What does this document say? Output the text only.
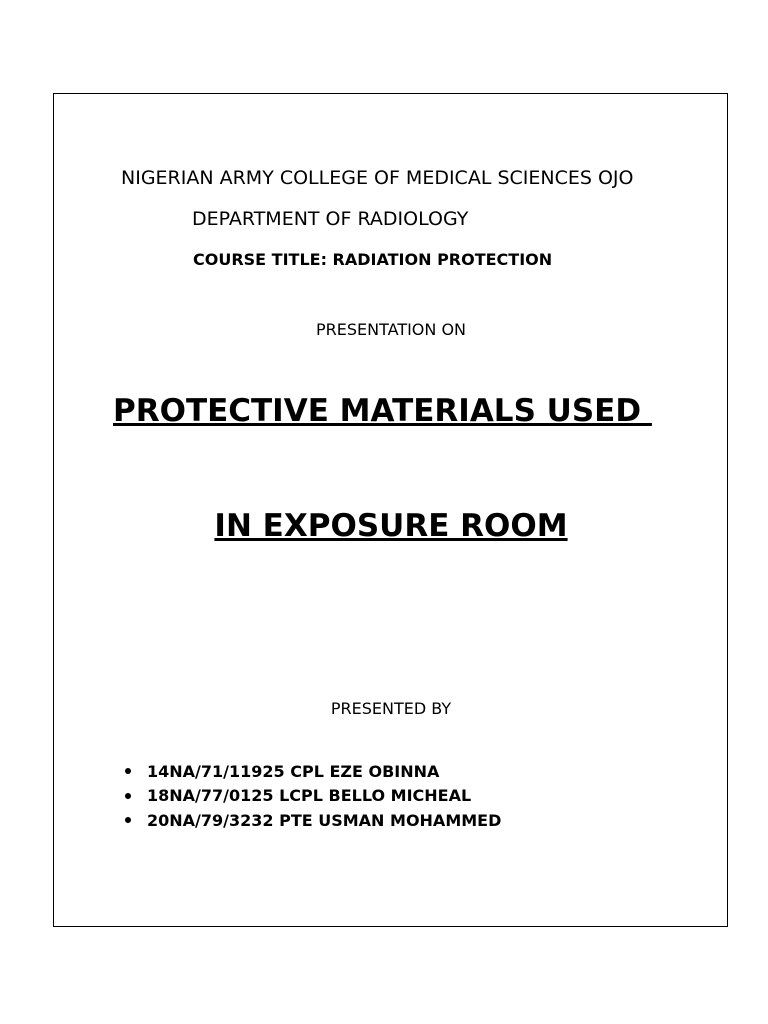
NIGERIAN ARMY COLLEGE OF MEDICAL SCIENCES OJO
DEPARTMENT OF RADIOLOGY
COURSE TITLE: RADIATION PROTECTION
PRESENTATION ON
PROTECTIVE MATERIALS USED
IN EXPOSURE ROOM
PRESENTED BY
14NA/71/11925 CPL EZE OBINNA
18NA/77/0125 LCPL BELLO MICHEAL
20NA/79/3232 PTE USMAN MOHAMMED
